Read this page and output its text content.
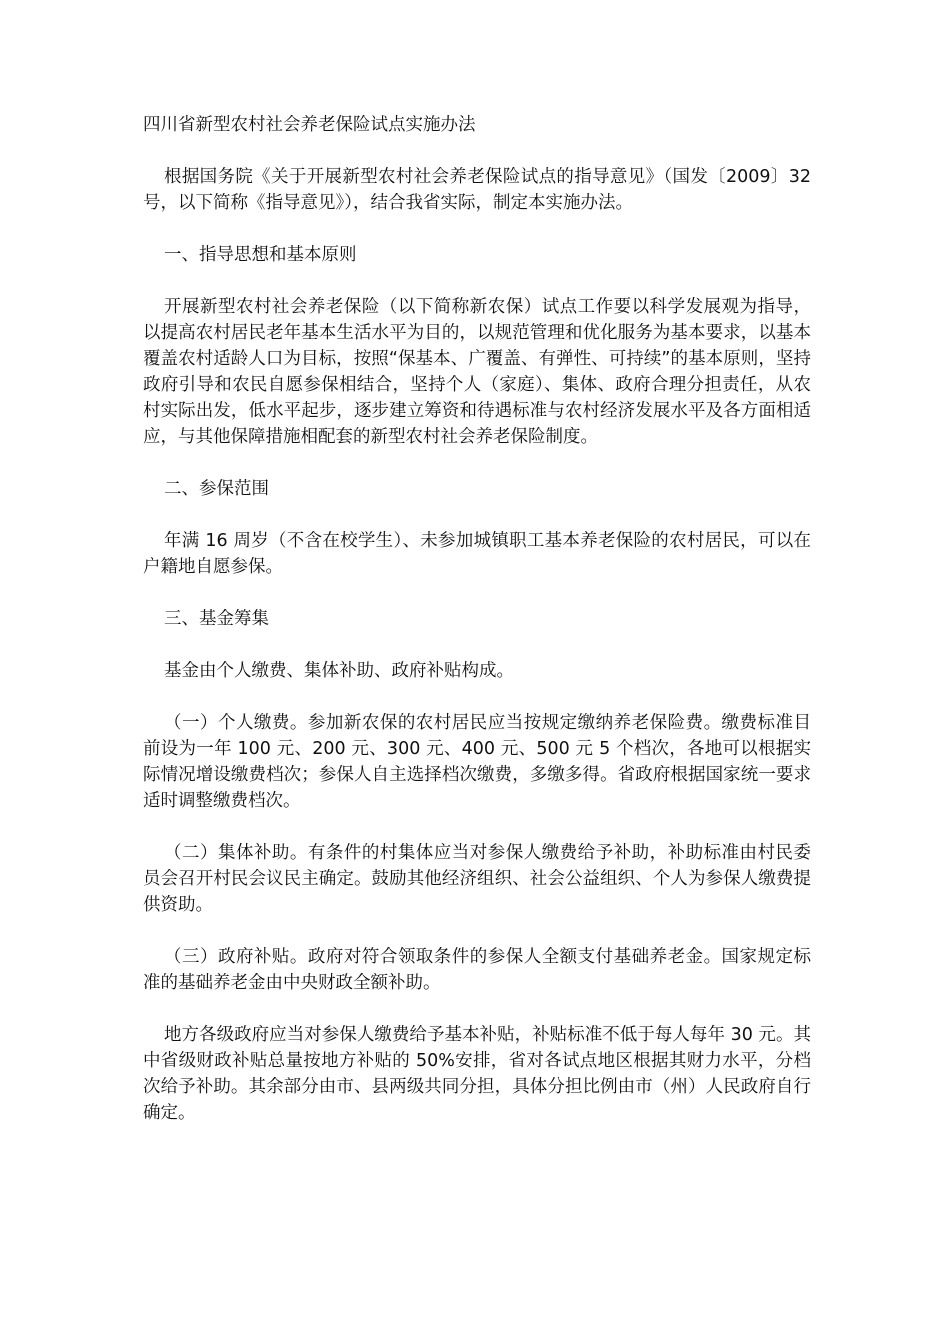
四川省新型农村社会养老保险试点实施办法

根据国务院《关于开展新型农村社会养老保险试点的指导意见》（国发〔2009〕32 号，以下简称《指导意见》），结合我省实际，制定本实施办法。

一、指导思想和基本原则

开展新型农村社会养老保险（以下简称新农保）试点工作要以科学发展观为指导，以提高农村居民老年基本生活水平为目的，以规范管理和优化服务为基本要求，以基本覆盖农村适龄人口为目标，按照“保基本、广覆盖、有弹性、可持续”的基本原则，坚持政府引导和农民自愿参保相结合，坚持个人（家庭）、集体、政府合理分担责任，从农村实际出发，低水平起步，逐步建立筹资和待遇标准与农村经济发展水平及各方面相适应，与其他保障措施相配套的新型农村社会养老保险制度。

二、参保范围

年满 16 周岁（不含在校学生）、未参加城镇职工基本养老保险的农村居民，可以在户籍地自愿参保。

三、基金筹集

基金由个人缴费、集体补助、政府补贴构成。

（一）个人缴费。参加新农保的农村居民应当按规定缴纳养老保险费。缴费标准目前设为一年 100 元、200 元、300 元、400 元、500 元 5 个档次，各地可以根据实际情况增设缴费档次；参保人自主选择档次缴费，多缴多得。省政府根据国家统一要求适时调整缴费档次。

（二）集体补助。有条件的村集体应当对参保人缴费给予补助，补助标准由村民委员会召开村民会议民主确定。鼓励其他经济组织、社会公益组织、个人为参保人缴费提供资助。

（三）政府补贴。政府对符合领取条件的参保人全额支付基础养老金。国家规定标准的基础养老金由中央财政全额补助。

地方各级政府应当对参保人缴费给予基本补贴，补贴标准不低于每人每年 30 元。其中省级财政补贴总量按地方补贴的 50%安排，省对各试点地区根据其财力水平，分档次给予补助。其余部分由市、县两级共同分担，具体分担比例由市（州）人民政府自行确定。
